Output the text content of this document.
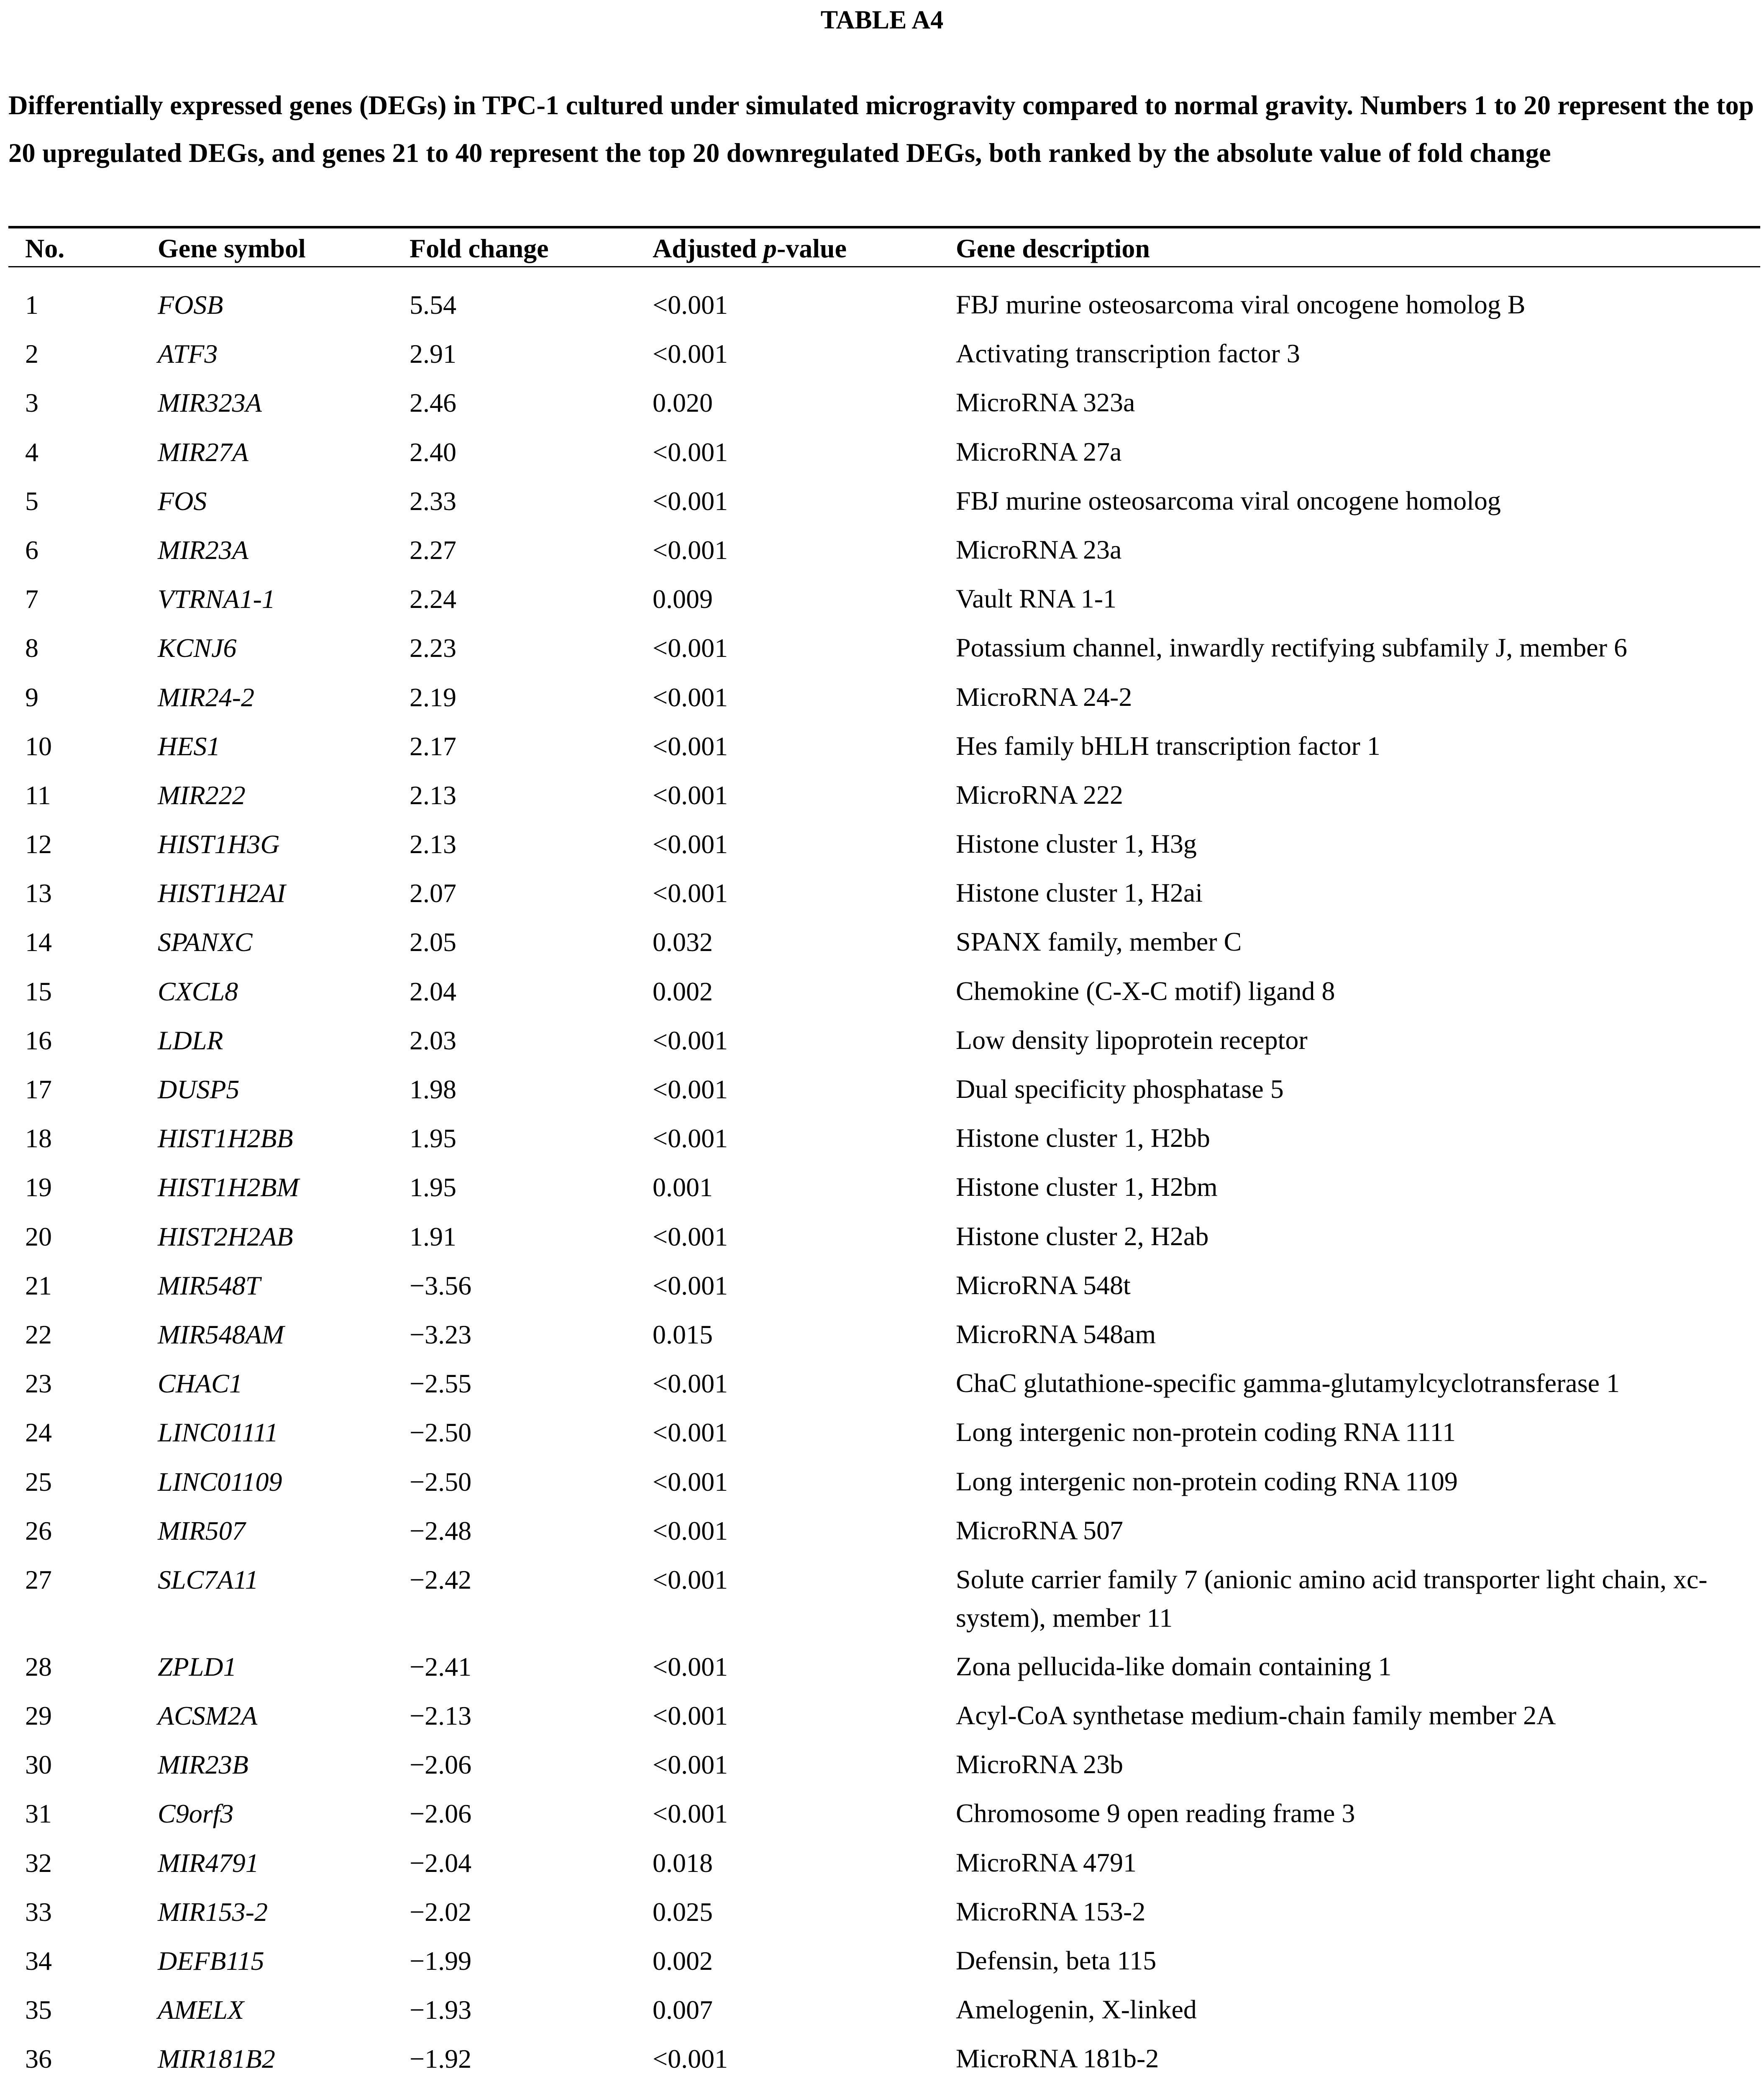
TABLE A4
Differentially expressed genes (DEGs) in TPC-1 cultured under simulated microgravity compared to normal gravity. Numbers 1 to 20 represent the top 20 upregulated DEGs, and genes 21 to 40 represent the top 20 downregulated DEGs, both ranked by the absolute value of fold change
No.	Gene symbol	Fold change	Adjusted p-value	Gene description
1	FOSB	5.54	<0.001	FBJ murine osteosarcoma viral oncogene homolog B
2	ATF3	2.91	<0.001	Activating transcription factor 3
3	MIR323A	2.46	0.020	MicroRNA 323a
4	MIR27A	2.40	<0.001	MicroRNA 27a
5	FOS	2.33	<0.001	FBJ murine osteosarcoma viral oncogene homolog
6	MIR23A	2.27	<0.001	MicroRNA 23a
7	VTRNA1-1	2.24	0.009	Vault RNA 1-1
8	KCNJ6	2.23	<0.001	Potassium channel, inwardly rectifying subfamily J, member 6
9	MIR24-2	2.19	<0.001	MicroRNA 24-2
10	HES1	2.17	<0.001	Hes family bHLH transcription factor 1
11	MIR222	2.13	<0.001	MicroRNA 222
12	HIST1H3G	2.13	<0.001	Histone cluster 1, H3g
13	HIST1H2AI	2.07	<0.001	Histone cluster 1, H2ai
14	SPANXC	2.05	0.032	SPANX family, member C
15	CXCL8	2.04	0.002	Chemokine (C-X-C motif) ligand 8
16	LDLR	2.03	<0.001	Low density lipoprotein receptor
17	DUSP5	1.98	<0.001	Dual specificity phosphatase 5
18	HIST1H2BB	1.95	<0.001	Histone cluster 1, H2bb
19	HIST1H2BM	1.95	0.001	Histone cluster 1, H2bm
20	HIST2H2AB	1.91	<0.001	Histone cluster 2, H2ab
21	MIR548T	−3.56	<0.001	MicroRNA 548t
22	MIR548AM	−3.23	0.015	MicroRNA 548am
23	CHAC1	−2.55	<0.001	ChaC glutathione-specific gamma-glutamylcyclotransferase 1
24	LINC01111	−2.50	<0.001	Long intergenic non-protein coding RNA 1111
25	LINC01109	−2.50	<0.001	Long intergenic non-protein coding RNA 1109
26	MIR507	−2.48	<0.001	MicroRNA 507
27	SLC7A11	−2.42	<0.001	Solute carrier family 7 (anionic amino acid transporter light chain, xc- system), member 11
28	ZPLD1	−2.41	<0.001	Zona pellucida-like domain containing 1
29	ACSM2A	−2.13	<0.001	Acyl-CoA synthetase medium-chain family member 2A
30	MIR23B	−2.06	<0.001	MicroRNA 23b
31	C9orf3	−2.06	<0.001	Chromosome 9 open reading frame 3
32	MIR4791	−2.04	0.018	MicroRNA 4791
33	MIR153-2	−2.02	0.025	MicroRNA 153-2
34	DEFB115	−1.99	0.002	Defensin, beta 115
35	AMELX	−1.93	0.007	Amelogenin, X-linked
36	MIR181B2	−1.92	<0.001	MicroRNA 181b-2
